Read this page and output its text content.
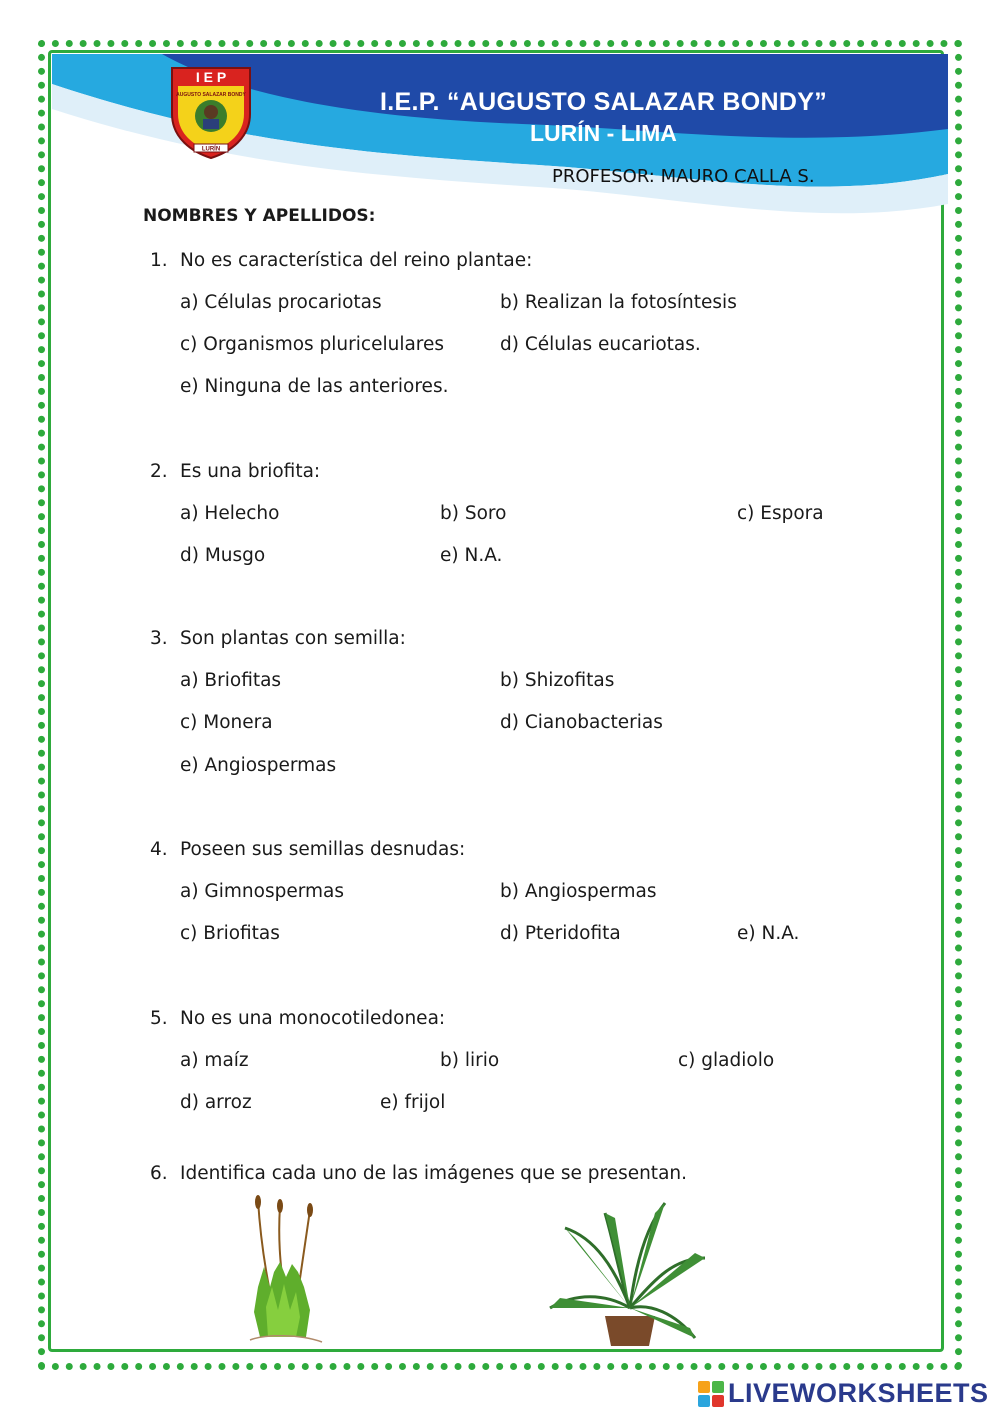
I.E.P. “AUGUSTO SALAZAR BONDY”
LURÍN - LIMA
PROFESOR: MAURO CALLA S.
I E P
AUGUSTO SALAZAR BONDY
LURÍN
NOMBRES Y APELLIDOS:
1. No es característica del reino plantae:
a) Células procariotas	b) Realizan la fotosíntesis
c) Organismos pluricelulares	d) Células eucariotas.
e) Ninguna de las anteriores.
2. Es una briofita:
a) Helecho	b) Soro	c) Espora
d) Musgo	e) N.A.
3. Son plantas con semilla:
a) Briofitas	b) Shizofitas
c) Monera	d) Cianobacterias
e) Angiospermas
4. Poseen sus semillas desnudas:
a) Gimnospermas	b) Angiospermas
c) Briofitas	d) Pteridofita	e) N.A.
5. No es una monocotiledonea:
a) maíz	b) lirio	c) gladiolo
d) arroz	e) frijol
6. Identifica cada uno de las imágenes que se presentan.
LIVEWORKSHEETS
